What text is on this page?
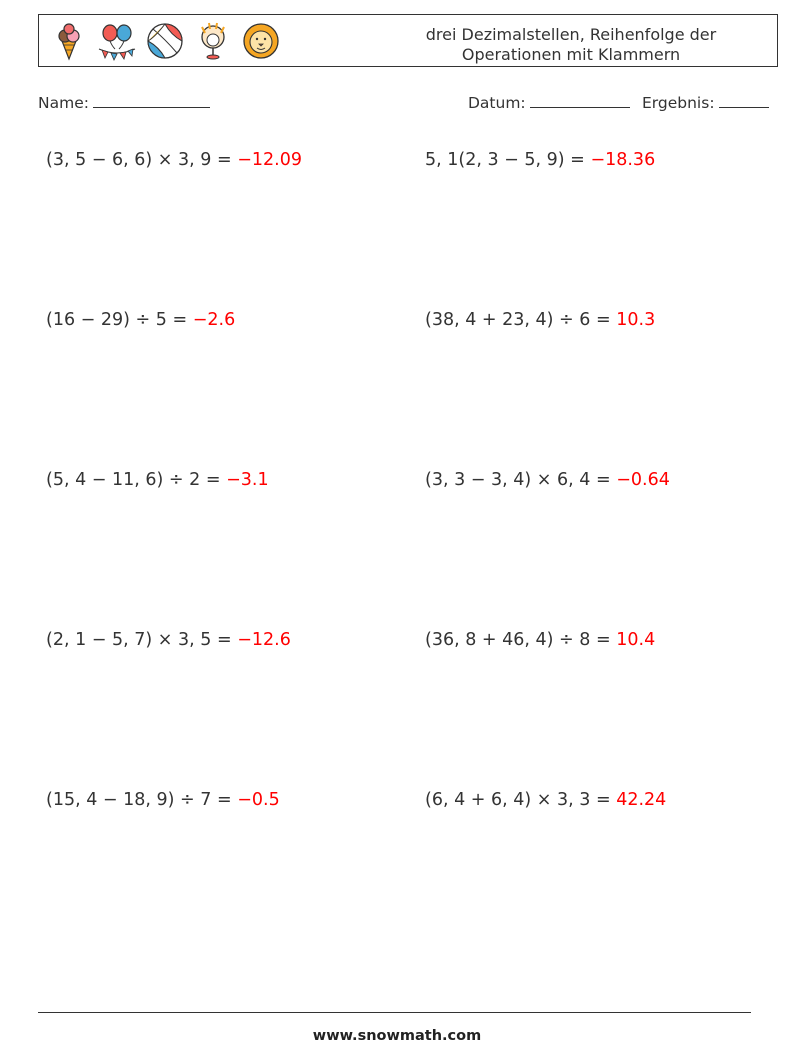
drei Dezimalstellen, Reihenfolge der
Operationen mit Klammern
Name:	Datum:	Ergebnis:
(3, 5 − 6, 6) × 3, 9 = −12.09	5, 1(2, 3 − 5, 9) = −18.36
(16 − 29) ÷ 5 = −2.6	(38, 4 + 23, 4) ÷ 6 = 10.3
(5, 4 − 11, 6) ÷ 2 = −3.1	(3, 3 − 3, 4) × 6, 4 = −0.64
(2, 1 − 5, 7) × 3, 5 = −12.6	(36, 8 + 46, 4) ÷ 8 = 10.4
(15, 4 − 18, 9) ÷ 7 = −0.5	(6, 4 + 6, 4) × 3, 3 = 42.24
www.snowmath.com
